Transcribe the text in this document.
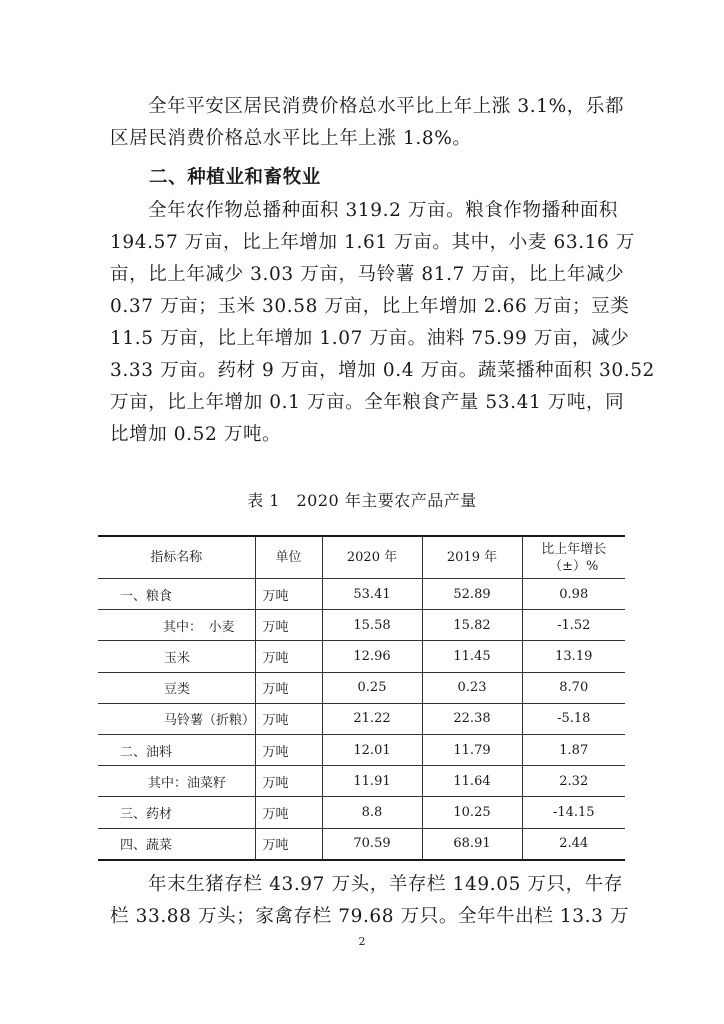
全年平安区居民消费价格总水平比上年上涨 3.1%，乐都
区居民消费价格总水平比上年上涨 1.8%。
二、种植业和畜牧业
全年农作物总播种面积 319.2 万亩。粮食作物播种面积
194.57 万亩，比上年增加 1.61 万亩。其中，小麦 63.16 万
亩，比上年减少 3.03 万亩，马铃薯 81.7 万亩，比上年减少
0.37 万亩；玉米 30.58 万亩，比上年增加 2.66 万亩；豆类
11.5 万亩，比上年增加 1.07 万亩。油料 75.99 万亩，减少
3.33 万亩。药材 9 万亩，增加 0.4 万亩。蔬菜播种面积 30.52
万亩，比上年增加 0.1 万亩。全年粮食产量 53.41 万吨，同
比增加 0.52 万吨。
表 1　2020 年主要农产品产量
指标名称	单位	2020 年	2019 年	比上年增长
（±）%

一、粮食	万吨	53.41	52.89	0.98
其中：　小麦	万吨	15.58	15.82	-1.52
玉米	万吨	12.96	11.45	13.19
豆类	万吨	0.25	0.23	8.70
马铃薯（折粮）	万吨	21.22	22.38	-5.18
二、油料	万吨	12.01	11.79	1.87
其中：油菜籽	万吨	11.91	11.64	2.32
三、药材	万吨	8.8	10.25	-14.15
四、蔬菜	万吨	70.59	68.91	2.44
年末生猪存栏 43.97 万头，羊存栏 149.05 万只，牛存
栏 33.88 万头；家禽存栏 79.68 万只。全年牛出栏 13.3 万
2
